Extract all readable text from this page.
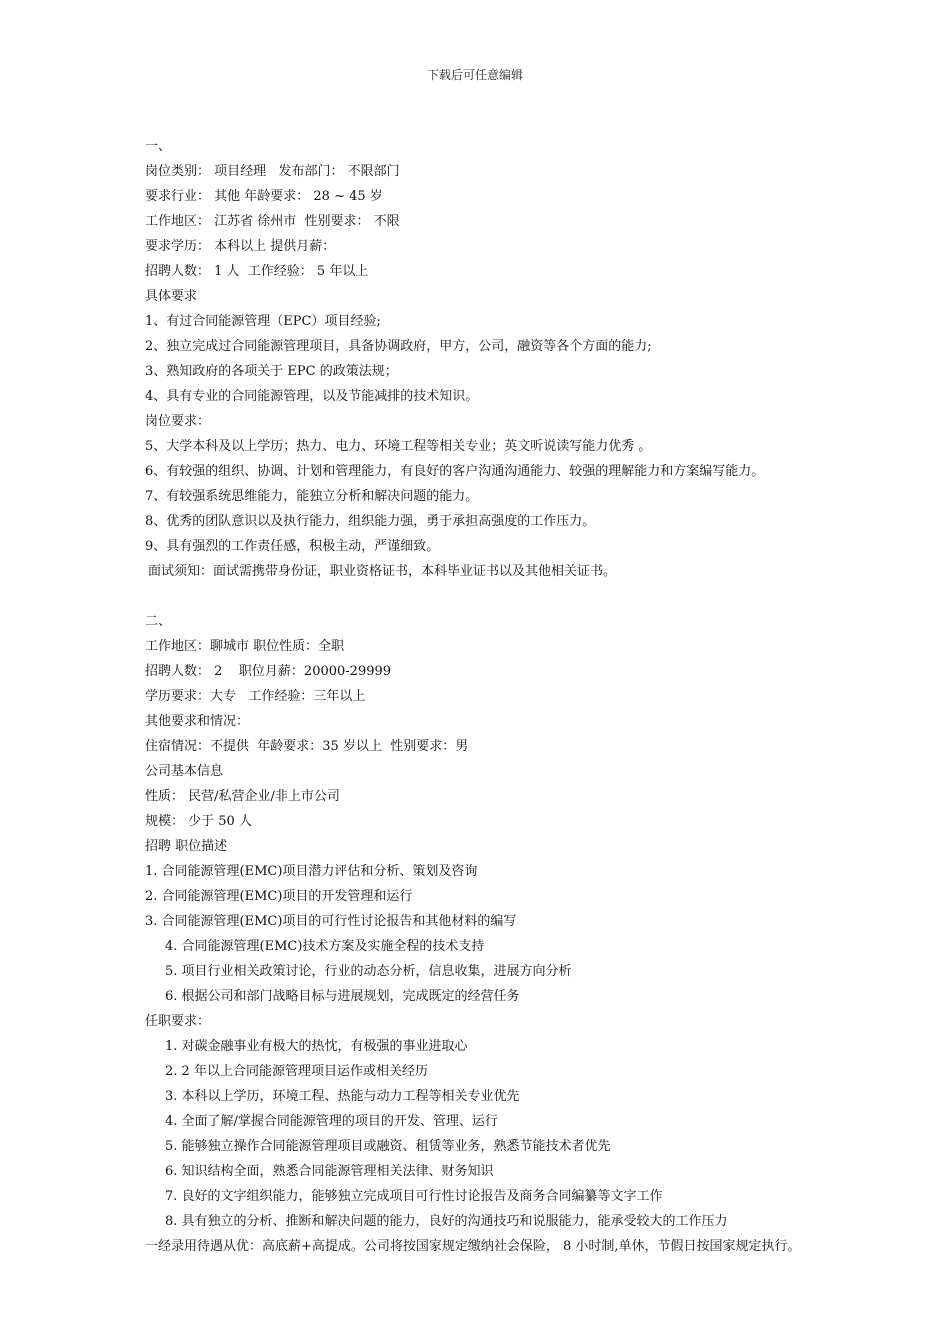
下载后可任意编辑
一、
岗位类别： 项目经理   发布部门： 不限部门
要求行业： 其他 年龄要求： 28 ~ 45 岁
工作地区： 江苏省 徐州市  性别要求： 不限
要求学历： 本科以上 提供月薪：
招聘人数： 1 人  工作经验： 5 年以上
具体要求
1、有过合同能源管理（EPC）项目经验;
2、独立完成过合同能源管理项目，具备协调政府，甲方，公司，融资等各个方面的能力;
3、熟知政府的各项关于 EPC 的政策法规；
4、具有专业的合同能源管理，以及节能减排的技术知识。
岗位要求：
5、大学本科及以上学历；热力、电力、环境工程等相关专业；英文听说读写能力优秀 。
6、有较强的组织、协调、计划和管理能力，有良好的客户沟通沟通能力、较强的理解能力和方案编写能力。
7、有较强系统思维能力，能独立分析和解决问题的能力。
8、优秀的团队意识以及执行能力，组织能力强，勇于承担高强度的工作压力。
9、具有强烈的工作责任感，积极主动，严谨细致。
面试须知：面试需携带身份证，职业资格证书，本科毕业证书以及其他相关证书。
二、
工作地区：聊城市 职位性质：全职
招聘人数： 2    职位月薪：20000-29999
学历要求：大专   工作经验：三年以上
其他要求和情况：
住宿情况：不提供  年龄要求：35 岁以上  性别要求：男
公司基本信息
性质： 民营/私营企业/非上市公司
规模： 少于 50 人
招聘 职位描述
1. 合同能源管理(EMC)项目潜力评估和分析、策划及咨询
2. 合同能源管理(EMC)项目的开发管理和运行
3. 合同能源管理(EMC)项目的可行性讨论报告和其他材料的编写
4. 合同能源管理(EMC)技术方案及实施全程的技术支持
5. 项目行业相关政策讨论，行业的动态分析，信息收集，进展方向分析
6. 根据公司和部门战略目标与进展规划，完成既定的经营任务
任职要求：
1. 对碳金融事业有极大的热忱，有极强的事业进取心
2. 2 年以上合同能源管理项目运作或相关经历
3. 本科以上学历，环境工程、热能与动力工程等相关专业优先
4. 全面了解/掌握合同能源管理的项目的开发、管理、运行
5. 能够独立操作合同能源管理项目或融资、租赁等业务，熟悉节能技术者优先
6. 知识结构全面，熟悉合同能源管理相关法律、财务知识
7. 良好的文字组织能力，能够独立完成项目可行性讨论报告及商务合同编纂等文字工作
8. 具有独立的分析、推断和解决问题的能力，良好的沟通技巧和说服能力，能承受较大的工作压力
一经录用待遇从优：高底薪+高提成。公司将按国家规定缴纳社会保险， 8 小时制,单休，节假日按国家规定执行。
